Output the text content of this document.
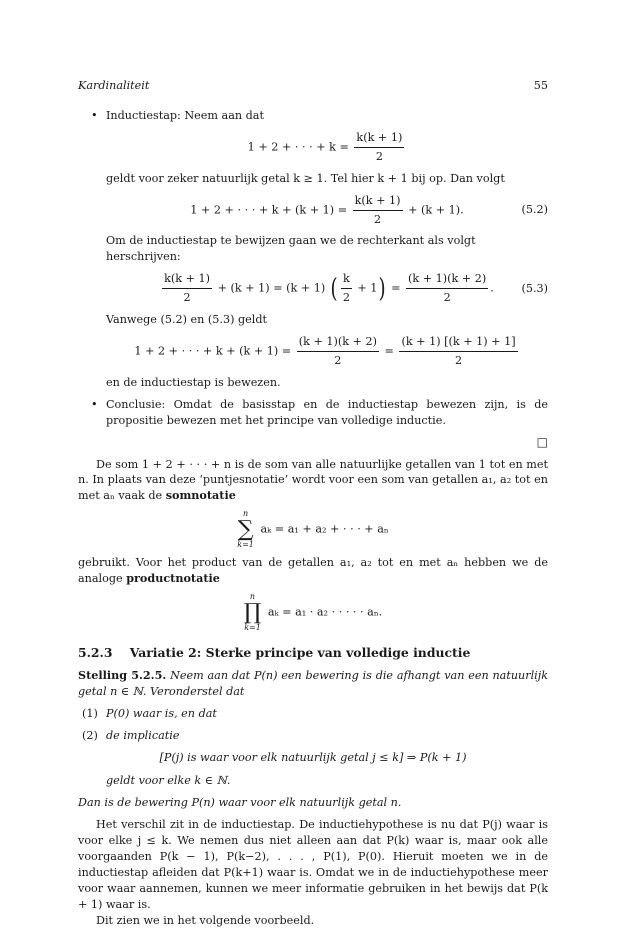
Kardinaliteit	55
• Inductiestap: Neem aan dat

1 + 2 + · · · + $k = \frac{k(k + 1)}{2}$

geldt voor zeker natuurlijk getal k ≥ 1. Tel hier k + 1 bij op. Dan volgt

1 + 2 + · · · + $k + (k + 1) = \frac{k(k + 1)}{2} + (k + 1)$.	(5.2)

Om de inductiestap te bewijzen gaan we de rechterkant als volgt herschrijven:

$\frac{k(k + 1)}{2} + (k + 1) = (k + 1)$ ( $\frac{k}{2} + 1) = \frac{(k + 1)(k + 2)}{2}$ . (5.3)

Vanwege (5.2) en (5.3) geldt

1 + 2 + · · · + $k + (k + 1) = \frac{(k + 1)(k + 2)}{2} = \frac{(k + 1) [(k + 1) + 1]}{2}$

en de inductiestap is bewezen.

• Conclusie: Omdat de basisstap en de inductiestap bewezen zijn, is de propositie bewezen met het principe van volledige inductie.

□

De som 1 + 2 + · · · + n is de som van alle natuurlijke getallen van 1 tot en met n. In plaats van deze ‘puntjesnotatie’ wordt voor een som van getallen a₁, a₂ tot en met aₙ vaak de somnotatie

n
∑
k=1
aₖ = a₁ + a₂ + · · · + aₙ

gebruikt. Voor het product van de getallen a₁, a₂ tot en met aₙ hebben we de analoge productnotatie

n
∏
k=1
aₖ = a₁ · a₂ · · · · · aₙ.
5.2.3 Variatie 2: Sterke principe van volledige inductie

Stelling 5.2.5. Neem aan dat P(n) een bewering is die afhangt van een natuurlijk getal n ∈ ℕ. Veronderstel dat

(1) P(0) waar is, en dat
(2) de implicatie
[P(j) is waar voor elk natuurlijk getal j ≤ k] ⇒ P(k + 1)

geldt voor elke k ∈ ℕ.

Dan is de bewering P(n) waar voor elk natuurlijk getal n.

Het verschil zit in de inductiestap. De inductiehypothese is nu dat P(j) waar is voor elke j ≤ k. We nemen dus niet alleen aan dat P(k) waar is, maar ook alle voorgaanden P(k − 1), P(k−2), . . . , P(1), P(0). Hieruit moeten we in de inductiestap afleiden dat P(k+1) waar is. Omdat we in de inductiehypothese meer voor waar aannemen, kunnen we meer informatie gebruiken in het bewijs dat P(k + 1) waar is.

Dit zien we in het volgende voorbeeld.
